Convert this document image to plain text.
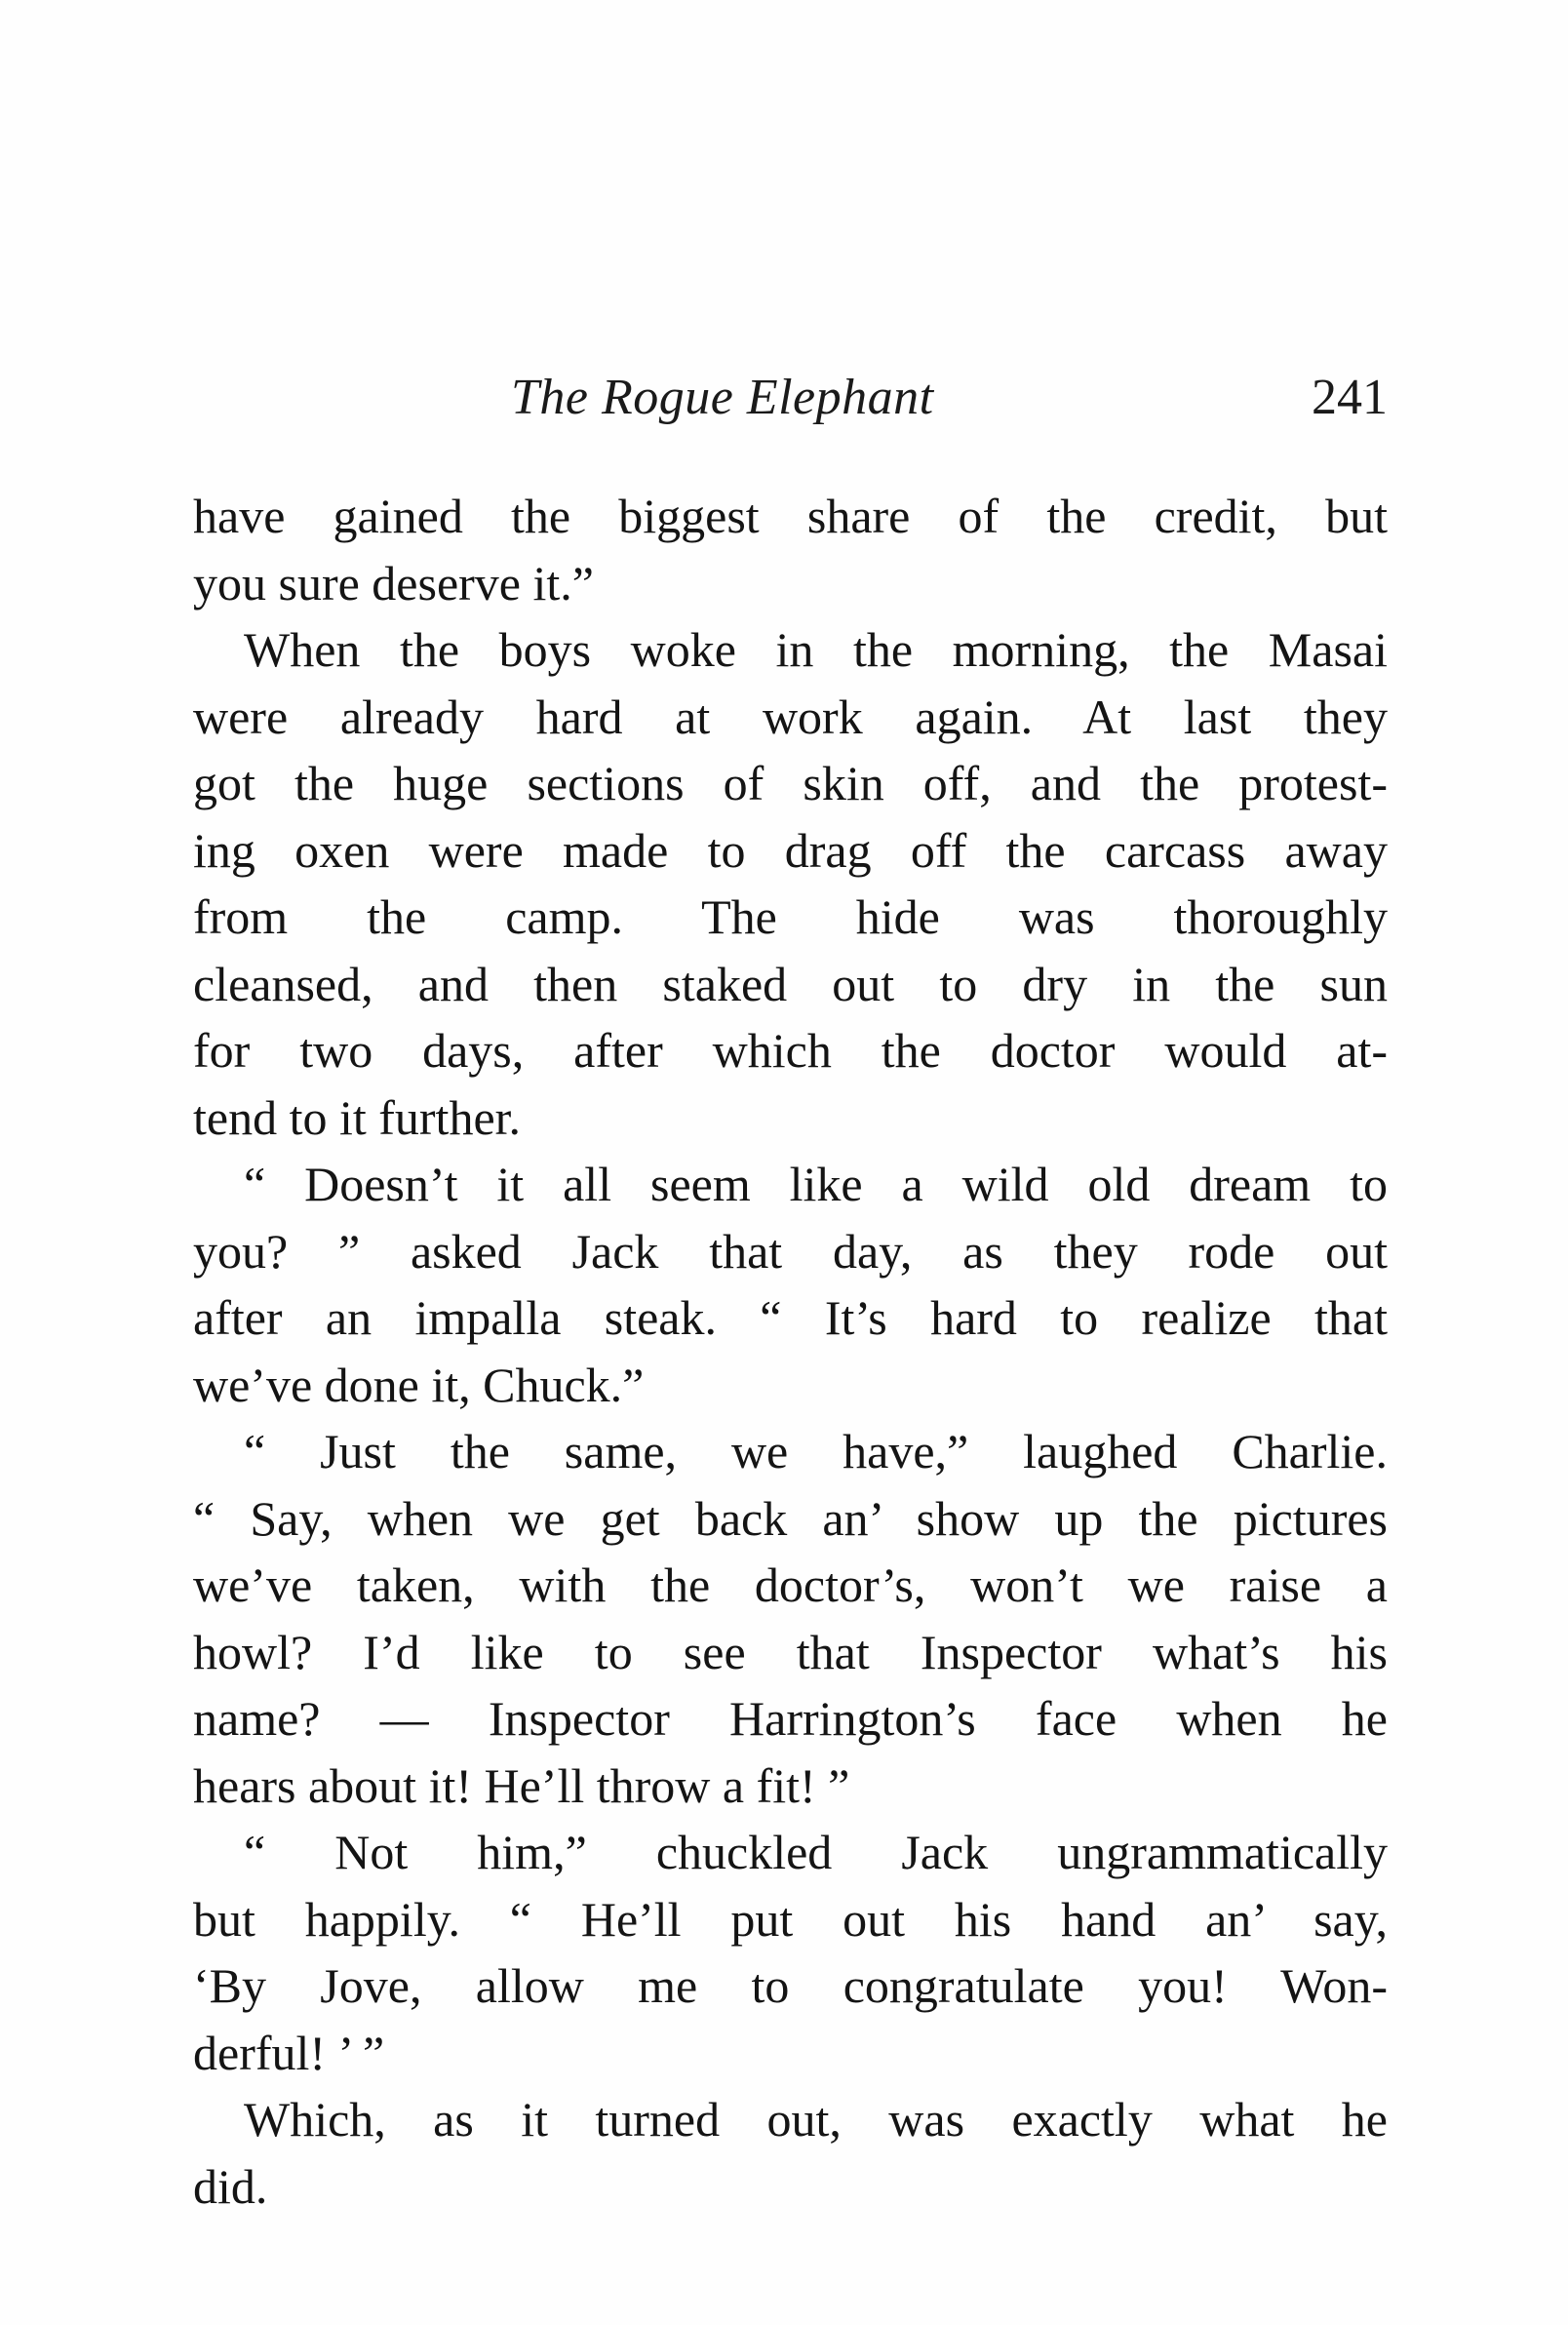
The Rogue Elephant	241

have gained the biggest share of the credit, but
you sure deserve it.”

When the boys woke in the morning, the Masai
were already hard at work again. At last they
got the huge sections of skin off, and the protest-
ing oxen were made to drag off the carcass away
from the camp. The hide was thoroughly
cleansed, and then staked out to dry in the sun
for two days, after which the doctor would at-
tend to it further.

“ Doesn’t it all seem like a wild old dream to
you? ” asked Jack that day, as they rode out
after an impalla steak. “ It’s hard to realize that
we’ve done it, Chuck.”

“ Just the same, we have,” laughed Charlie.
“ Say, when we get back an’ show up the pictures
we’ve taken, with the doctor’s, won’t we raise a
howl? I’d like to see that Inspector what’s his
name? — Inspector Harrington’s face when he
hears about it! He’ll throw a fit! ”

“ Not him,” chuckled Jack ungrammatically
but happily. “ He’ll put out his hand an’ say,
‘By Jove, allow me to congratulate you! Won-
derful! ’ ”

Which, as it turned out, was exactly what he
did.
